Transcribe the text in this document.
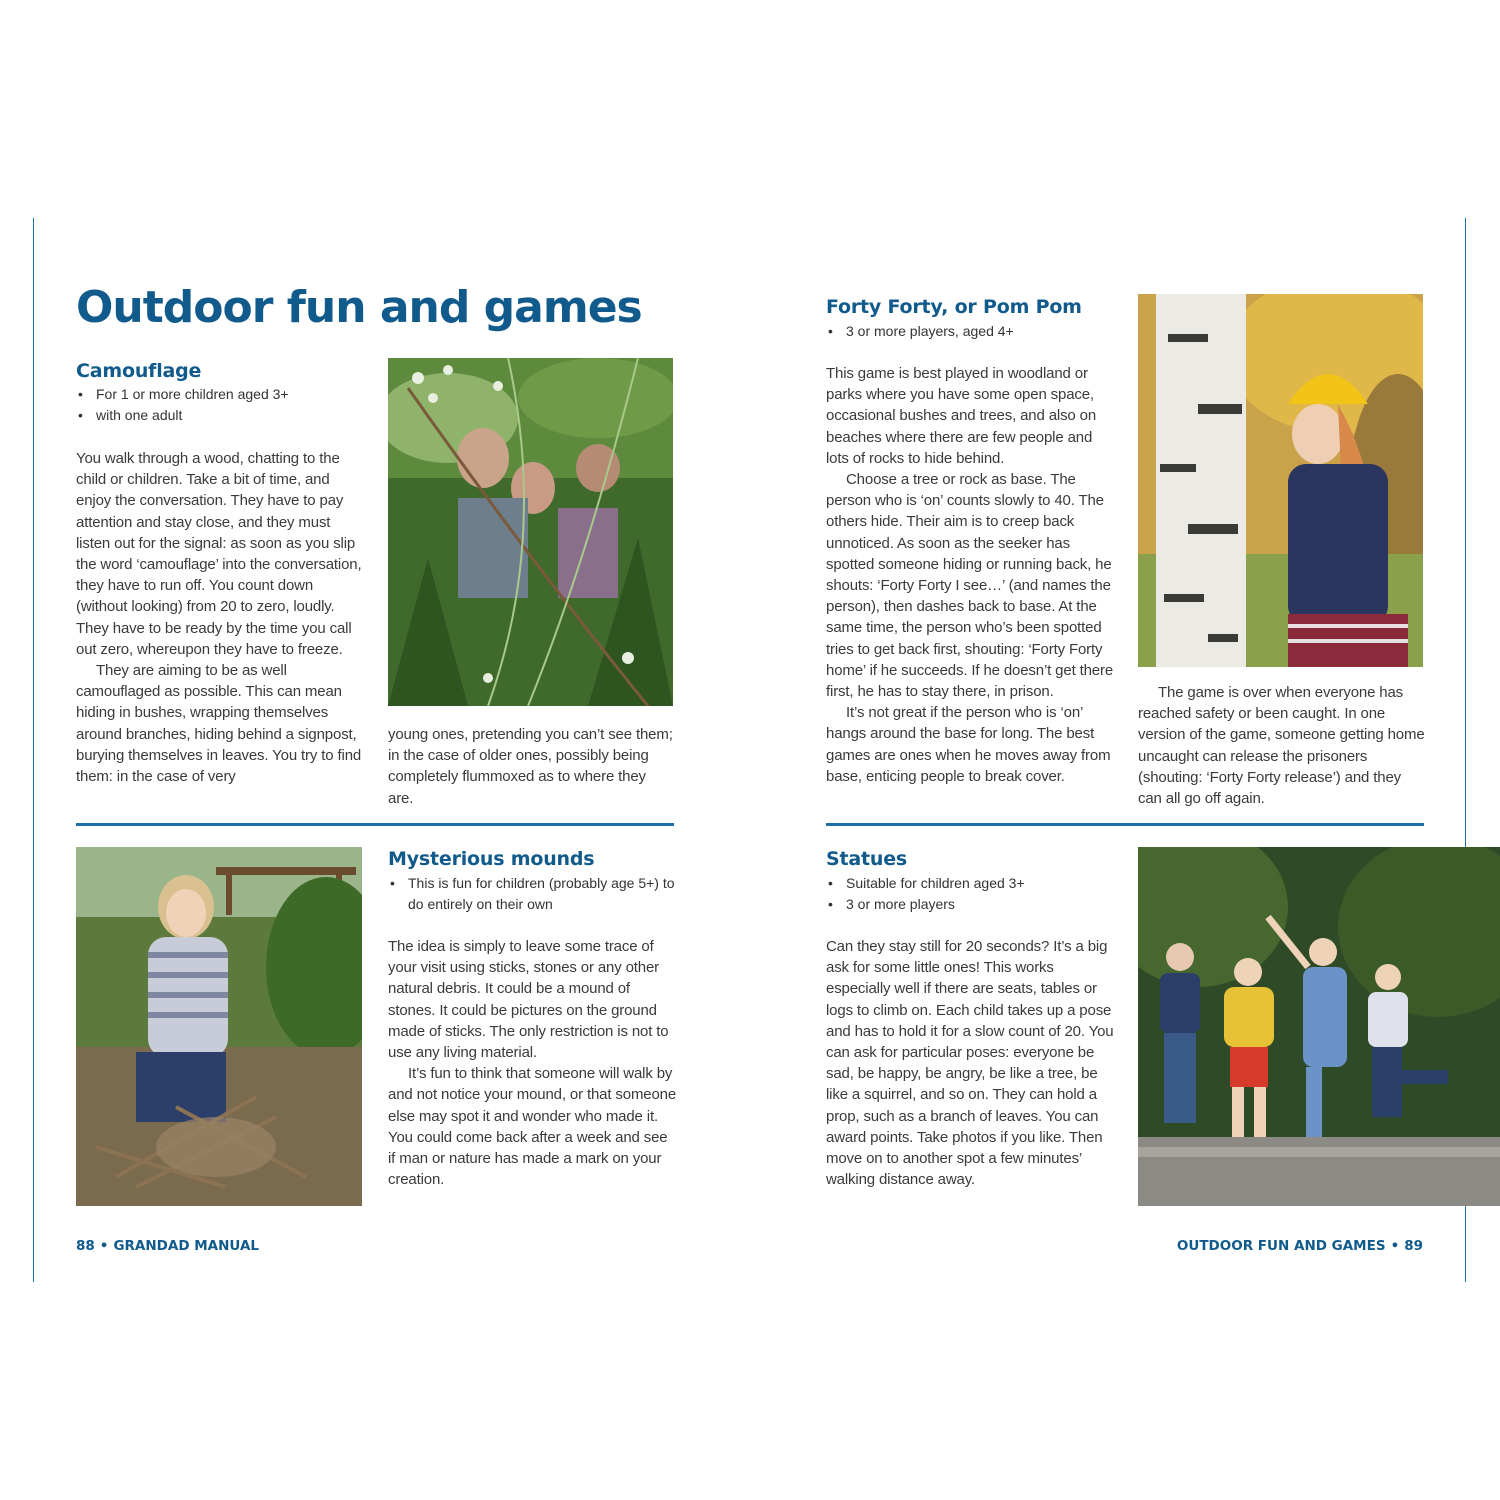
Outdoor fun and games
Camouflage
• For 1 or more children aged 3+
• with one adult

You walk through a wood, chatting to the child or children. Take a bit of time, and enjoy the conversation. They have to pay attention and stay close, and they must listen out for the signal: as soon as you slip the word ‘camouflage’ into the conversation, they have to run off. You count down (without looking) from 20 to zero, loudly. They have to be ready by the time you call out zero, whereupon they have to freeze.

They are aiming to be as well camouflaged as possible. This can mean hiding in bushes, wrapping themselves around branches, hiding behind a signpost, burying themselves in leaves. You try to find them: in the case of very

young ones, pretending you can’t see them; in the case of older ones, possibly being completely flummoxed as to where they are.
Mysterious mounds
• This is fun for children (probably age 5+) to do entirely on their own

The idea is simply to leave some trace of your visit using sticks, stones or any other natural debris. It could be a mound of stones. It could be pictures on the ground made of sticks. The only restriction is not to use any living material.

It’s fun to think that someone will walk by and not notice your mound, or that someone else may spot it and wonder who made it. You could come back after a week and see if man or nature has made a mark on your creation.

88 • GRANDAD MANUAL
Forty Forty, or Pom Pom
• 3 or more players, aged 4+

This game is best played in woodland or parks where you have some open space, occasional bushes and trees, and also on beaches where there are few people and lots of rocks to hide behind.

Choose a tree or rock as base. The person who is ‘on’ counts slowly to 40. The others hide. Their aim is to creep back unnoticed. As soon as the seeker has spotted someone hiding or running back, he shouts: ‘Forty Forty I see…’ (and names the person), then dashes back to base. At the same time, the person who’s been spotted tries to get back first, shouting: ‘Forty Forty home’ if he succeeds. If he doesn’t get there first, he has to stay there, in prison.

It’s not great if the person who is ‘on’ hangs around the base for long. The best games are ones when he moves away from base, enticing people to break cover.

The game is over when everyone has reached safety or been caught. In one version of the game, someone getting home uncaught can release the prisoners (shouting: ‘Forty Forty release’) and they can all go off again.

Statues
• Suitable for children aged 3+
• 3 or more players

Can they stay still for 20 seconds? It’s a big ask for some little ones! This works especially well if there are seats, tables or logs to climb on. Each child takes up a pose and has to hold it for a slow count of 20. You can ask for particular poses: everyone be sad, be happy, be angry, be like a tree, be like a squirrel, and so on. They can hold a prop, such as a branch of leaves. You can award points. Take photos if you like. Then move on to another spot a few minutes’ walking distance away.

OUTDOOR FUN AND GAMES • 89
